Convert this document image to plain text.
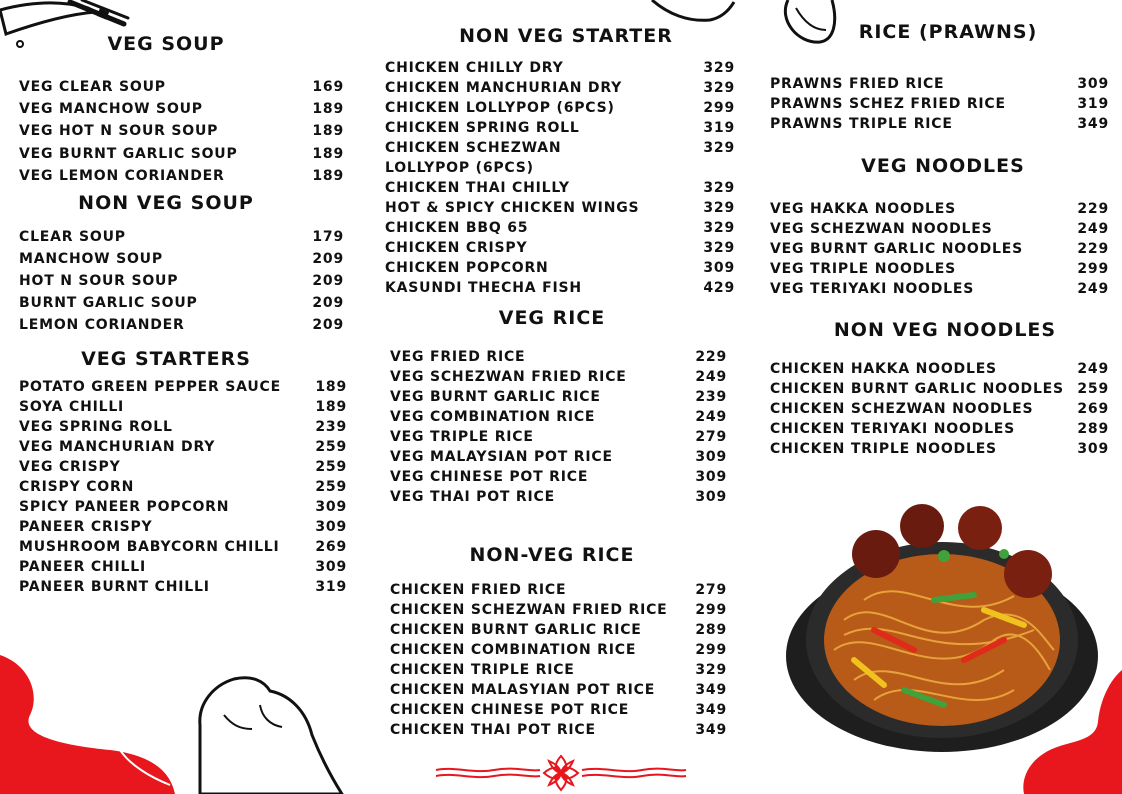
VEG SOUP
VEG CLEAR SOUP	169
VEG MANCHOW SOUP	189
VEG HOT N SOUR SOUP	189
VEG BURNT GARLIC SOUP	189
VEG LEMON CORIANDER	189
NON VEG SOUP
CLEAR SOUP	179
MANCHOW SOUP	209
HOT N SOUR SOUP	209
BURNT GARLIC SOUP	209
LEMON CORIANDER	209
VEG STARTERS
POTATO GREEN PEPPER SAUCE 189
SOYA CHILLI	189
VEG SPRING ROLL	239
VEG MANCHURIAN DRY	259
VEG CRISPY	259
CRISPY CORN	259
SPICY PANEER POPCORN	309
PANEER CRISPY	309
MUSHROOM BABYCORN CHILLI	269
PANEER CHILLI	309
PANEER BURNT CHILLI	319
NON VEG STARTER
CHICKEN CHILLY DRY	329
CHICKEN MANCHURIAN DRY	329
CHICKEN LOLLYPOP (6PCS)	299
CHICKEN SPRING ROLL	319
CHICKEN SCHEZWAN	329
LOLLYPOP (6PCS)
CHICKEN THAI CHILLY	329
HOT & SPICY CHICKEN WINGS	329
CHICKEN BBQ 65	329
CHICKEN CRISPY	329
CHICKEN POPCORN	309
KASUNDI THECHA FISH	429
VEG RICE
VEG FRIED RICE	229
VEG SCHEZWAN FRIED RICE	249
VEG BURNT GARLIC RICE	239
VEG COMBINATION RICE	249
VEG TRIPLE RICE	279
VEG MALAYSIAN POT RICE	309
VEG CHINESE POT RICE	309
VEG THAI POT RICE	309
NON-VEG RICE
CHICKEN FRIED RICE	279
CHICKEN SCHEZWAN FRIED RICE 299
CHICKEN BURNT GARLIC RICE	289
CHICKEN COMBINATION RICE	299
CHICKEN TRIPLE RICE	329
CHICKEN MALASYIAN POT RICE	349
CHICKEN CHINESE POT RICE	349
CHICKEN THAI POT RICE	349
RICE (PRAWNS)
PRAWNS FRIED RICE	309
PRAWNS SCHEZ FRIED RICE	319
PRAWNS TRIPLE RICE	349
VEG NOODLES
VEG HAKKA NOODLES	229
VEG SCHEZWAN NOODLES	249
VEG BURNT GARLIC NOODLES	229
VEG TRIPLE NOODLES	299
VEG TERIYAKI NOODLES	249
NON VEG NOODLES
CHICKEN HAKKA NOODLES	249
CHICKEN BURNT GARLIC NOODLES 259
CHICKEN SCHEZWAN NOODLES	269
CHICKEN TERIYAKI NOODLES	289
CHICKEN TRIPLE NOODLES	309
